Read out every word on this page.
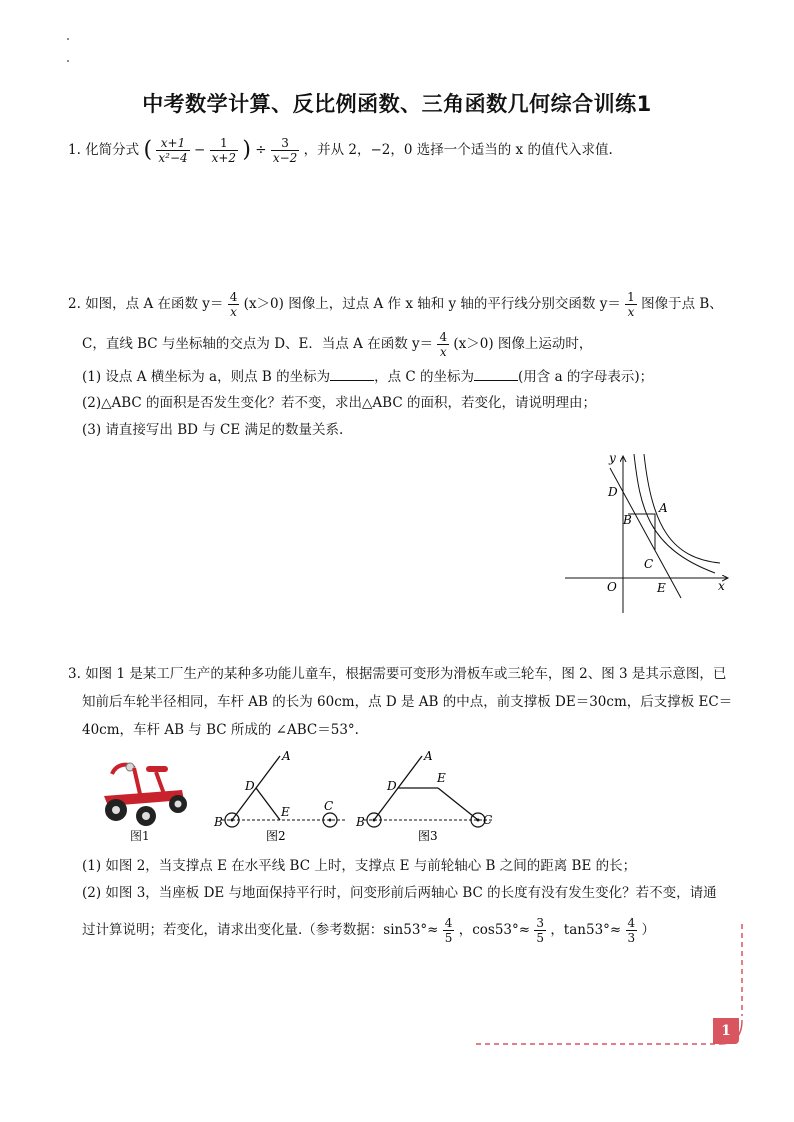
中考数学计算、反比例函数、三角函数几何综合训练1
1. 化简分式 ( $\frac{x+1}{\text{x²−4}} - \frac{1}{x+2}$ ) ÷ $\frac{3}{x-2}$ ，并从 2，−2，0 选择一个适当的 x 的值代入求值.
2. 如图，点 A 在函数 $y= \frac{4}{x} (x>0)$ 图像上，过点 A 作 x 轴和 y 轴的平行线分别交函数 $y= \frac{1}{x}$ 图像于点 B、
C，直线 BC 与坐标轴的交点为 D、E．当点 A 在函数 $y= \frac{4}{x} (x>0)$ 图像上运动时，
(1) 设点 A 横坐标为 a，则点 B 的坐标为	，点 C 的坐标为	(用含 a 的字母表示)；
(2)△ABC 的面积是否发生变化？若不变，求出△ABC 的面积，若变化，请说明理由；
(3) 请直接写出 BD 与 CE 满足的数量关系.
y
x
O
D
B
A
C
E
3. 如图 1 是某工厂生产的某种多功能儿童车，根据需要可变形为滑板车或三轮车，图 2、图 3 是其示意图，已
知前后车轮半径相同，车杆 AB 的长为 60cm，点 D 是 AB 的中点，前支撑板 DE＝30cm，后支撑板 EC＝
40cm，车杆 AB 与 BC 所成的 ∠ABC＝53°.
图1
A
D
E	C
B
图2
A
D
E
C
B
图3
(1) 如图 2，当支撑点 E 在水平线 BC 上时，支撑点 E 与前轮轴心 B 之间的距离 BE 的长；
(2) 如图 3，当座板 DE 与地面保持平行时，问变形前后两轴心 BC 的长度有没有发生变化？若不变，请通
过计算说明；若变化，请求出变化量.（参考数据：$\sin 53^\circ\approx \frac{4}{5}$ ，$\cos 53^\circ\approx \frac{3}{5}$ ，$\tan 53^\circ\approx \frac{4}{3}$ ）
1
